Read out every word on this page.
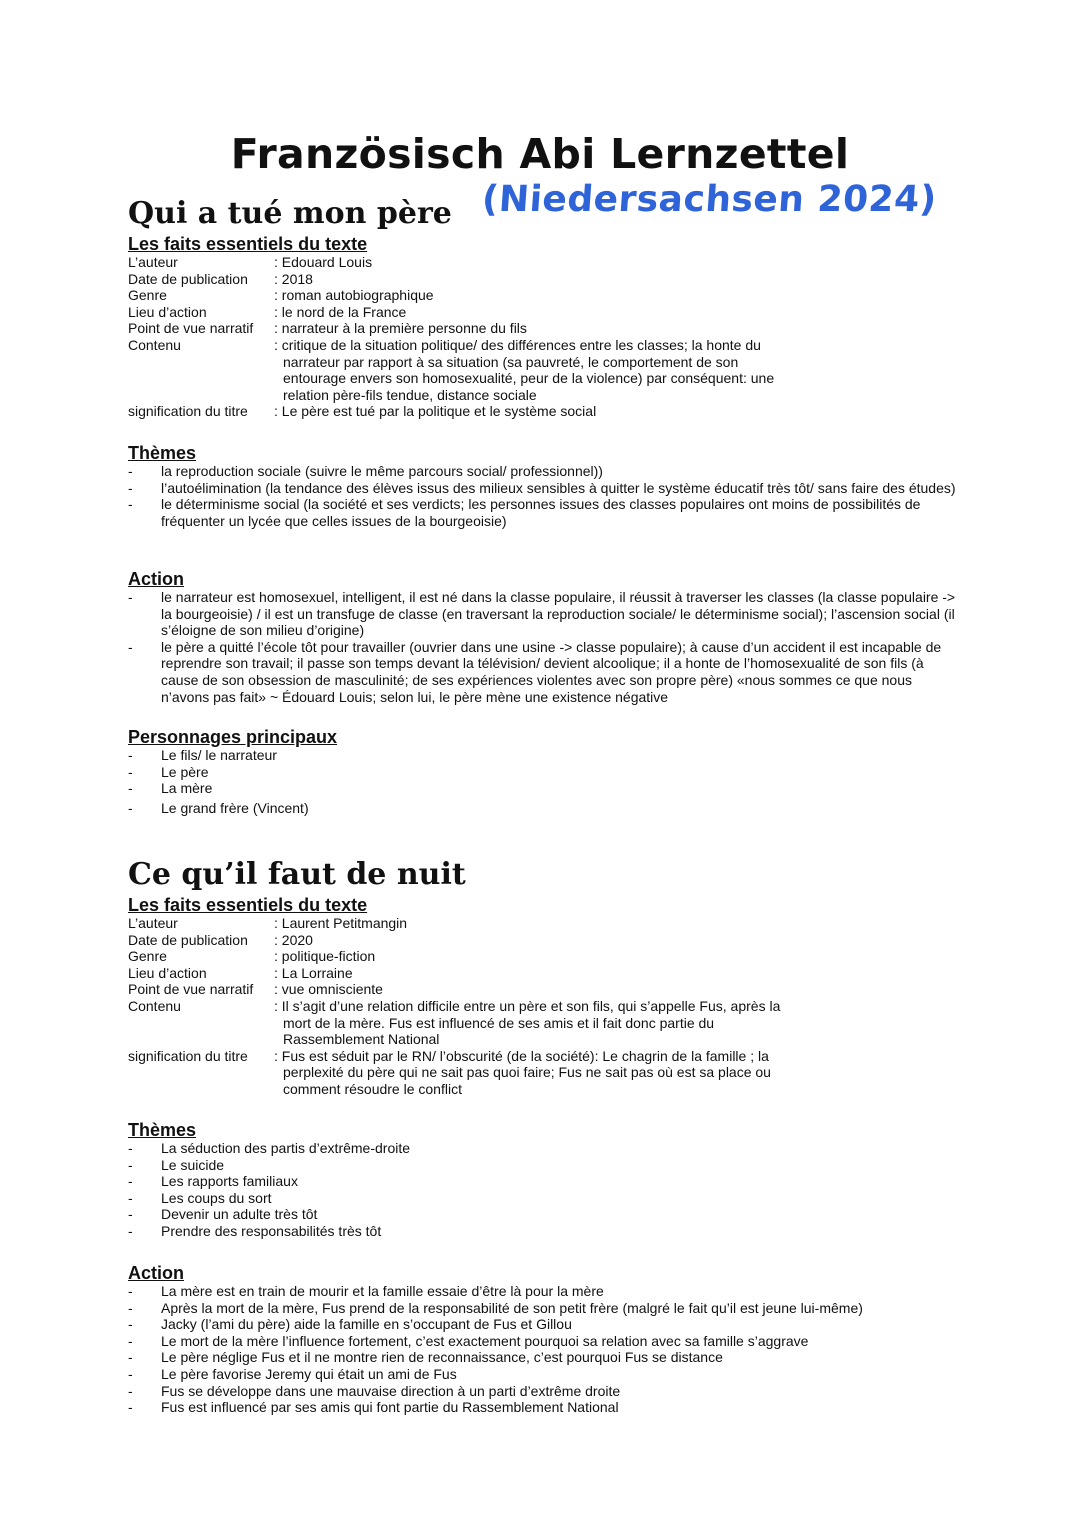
Französisch Abi Lernzettel
(Niedersachsen 2024)
Qui a tué mon père
Les faits essentiels du texte
L’auteur	: Edouard Louis
Date de publication	: 2018
Genre	: roman autobiographique
Lieu d’action	: le nord de la France
Point de vue narratif	: narrateur à la première personne du fils
Contenu	: critique de la situation politique/ des différences entre les classes; la honte du narrateur par rapport à sa situation (sa pauvreté, le comportement de son entourage envers son homosexualité, peur de la violence) par conséquent: une relation père-fils tendue, distance sociale
signification du titre	: Le père est tué par la politique et le système social
Thèmes
- la reproduction sociale (suivre le même parcours social/ professionnel))
- l’autoélimination (la tendance des élèves issus des milieux sensibles à quitter le système éducatif très tôt/ sans faire des études)
- le déterminisme social (la société et ses verdicts; les personnes issues des classes populaires ont moins de possibilités de fréquenter un lycée que celles issues de la bourgeoisie)
Action
- le narrateur est homosexuel, intelligent, il est né dans la classe populaire, il réussit à traverser les classes (la classe populaire -> la bourgeoisie) / il est un transfuge de classe (en traversant la reproduction sociale/ le déterminisme social); l’ascension social (il s’éloigne de son milieu d’origine)
- le père a quitté l’école tôt pour travailler (ouvrier dans une usine -> classe populaire); à cause d’un accident il est incapable de reprendre son travail; il passe son temps devant la télévision/ devient alcoolique; il a honte de l’homosexualité de son fils (à cause de son obsession de masculinité; de ses expériences violentes avec son propre père) «nous sommes ce que nous n’avons pas fait» ~ Édouard Louis; selon lui, le père mène une existence négative
Personnages principaux
- Le fils/ le narrateur
- Le père
- La mère
- Le grand frère (Vincent)
Ce qu’il faut de nuit
Les faits essentiels du texte
L’auteur	: Laurent Petitmangin
Date de publication	: 2020
Genre	: politique-fiction
Lieu d’action	: La Lorraine
Point de vue narratif	: vue omnisciente
Contenu	: Il s’agit d’une relation difficile entre un père et son fils, qui s’appelle Fus, après la mort de la mère. Fus est influencé de ses amis et il fait donc partie du Rassemblement National
signification du titre	: Fus est séduit par le RN/ l’obscurité (de la société): Le chagrin de la famille ; la perplexité du père qui ne sait pas quoi faire; Fus ne sait pas où est sa place ou comment résoudre le conflict
Thèmes
- La séduction des partis d’extrême-droite
- Le suicide
- Les rapports familiaux
- Les coups du sort
- Devenir un adulte très tôt
- Prendre des responsabilités très tôt
Action
- La mère est en train de mourir et la famille essaie d’être là pour la mère
- Après la mort de la mère, Fus prend de la responsabilité de son petit frère (malgré le fait qu’il est jeune lui-même)
- Jacky (l’ami du père) aide la famille en s’occupant de Fus et Gillou
- Le mort de la mère l’influence fortement, c’est exactement pourquoi sa relation avec sa famille s’aggrave
- Le père néglige Fus et il ne montre rien de reconnaissance, c’est pourquoi Fus se distance
- Le père favorise Jeremy qui était un ami de Fus
- Fus se développe dans une mauvaise direction à un parti d’extrême droite
- Fus est influencé par ses amis qui font partie du Rassemblement National
